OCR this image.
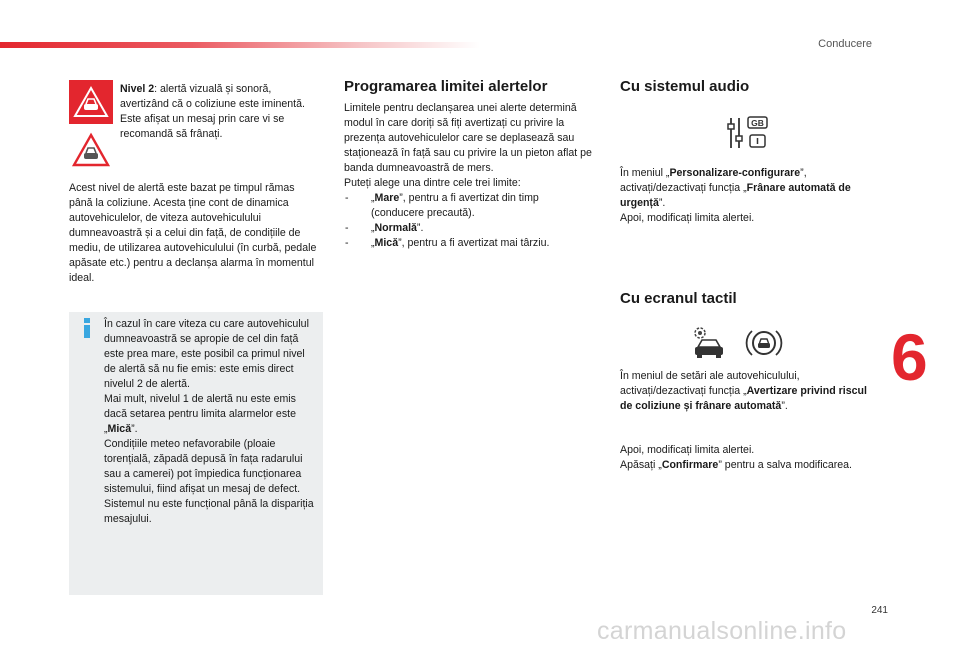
Conducere

Nivel 2: alertă vizuală și sonoră, avertizând că o coliziune este iminentă.

Este afișat un mesaj prin care vi se recomandă să frânați.

Acest nivel de alertă este bazat pe timpul rămas până la coliziune. Acesta ține cont de dinamica autovehiculelor, de viteza autovehiculului dumneavoastră și a celui din față, de condițiile de mediu, de utilizarea autovehiculului (în curbă, pedale apăsate etc.) pentru a declanșa alarma în momentul ideal.

În cazul în care viteza cu care autovehiculul dumneavoastră se apropie de cel din față este prea mare, este posibil ca primul nivel de alertă să nu fie emis: este emis direct nivelul 2 de alertă.

Mai mult, nivelul 1 de alertă nu este emis dacă setarea pentru limita alarmelor este „Mică”.

Condițiile meteo nefavorabile (ploaie torențială, zăpadă depusă în fața radarului sau a camerei) pot împiedica funcționarea sistemului, fiind afișat un mesaj de defect. Sistemul nu este funcțional până la dispariția mesajului.

Programarea limitei alertelor

Limitele pentru declanșarea unei alerte determină modul în care doriți să fiți avertizați cu privire la prezența autovehiculelor care se deplasează sau staționează în față sau cu privire la un pieton aflat pe banda dumneavoastră de mers.

Puteți alege una dintre cele trei limite:

- „Mare”, pentru a fi avertizat din timp (conducere precaută).
- „Normală”.
- „Mică”, pentru a fi avertizat mai târziu.
Cu sistemul audio
GB

În meniul „Personalizare-configurare”, activați/dezactivați funcția „Frânare automată de urgență”.

Apoi, modificați limita alertei.

Cu ecranul tactil

În meniul de setări ale autovehiculului, activați/dezactivați funcția „Avertizare privind riscul de coliziune și frânare automată”.

Apoi, modificați limita alertei.

Apăsați „Confirmare” pentru a salva modificarea.

6
241
carmanualsonline.info
